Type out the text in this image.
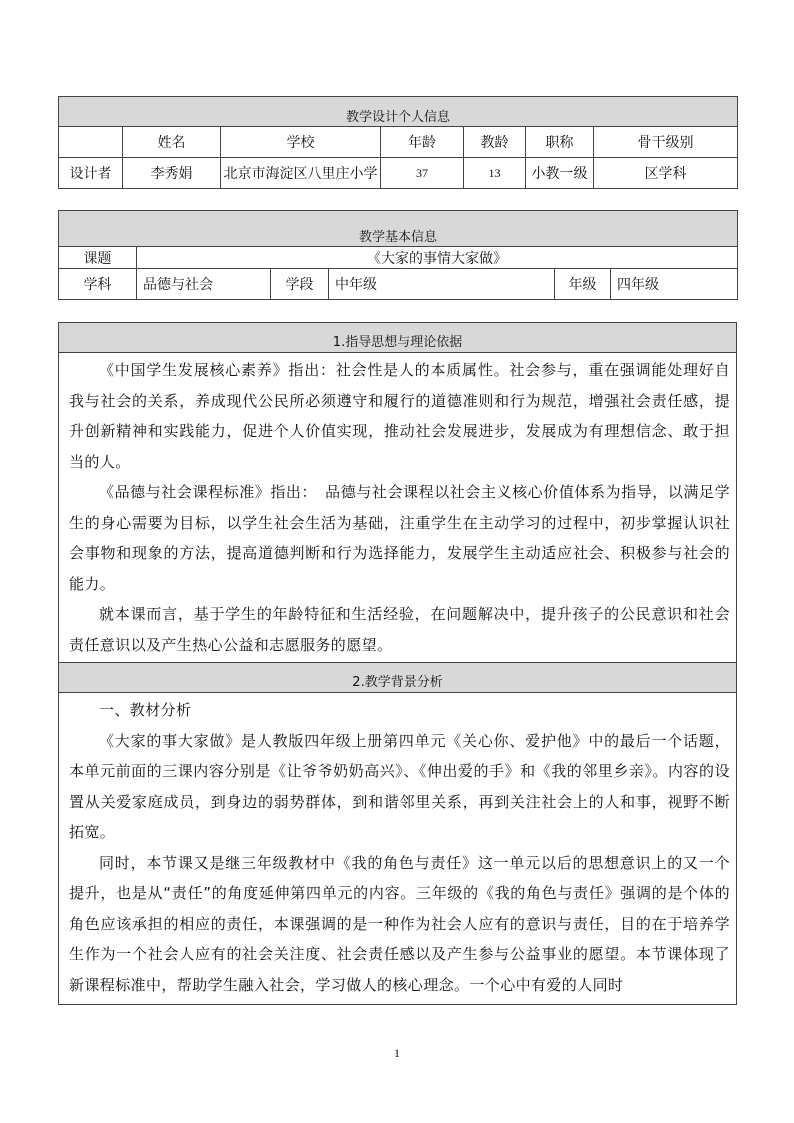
教学设计个人信息						
	姓名	学校	年龄	教龄	职称	骨干级别
设计者	李秀娟	北京市海淀区八里庄小学	37	13	小教一级	区学科
教学基本信息					
课题	《大家的事情大家做》				
学科	品德与社会	学段	中年级	年级	四年级
1.指导思想与理论依据

《中国学生发展核心素养》指出：社会性是人的本质属性。社会参与，重在强调能处理好自我与社会的关系，养成现代公民所必须遵守和履行的道德准则和行为规范，增强社会责任感，提升创新精神和实践能力，促进个人价值实现，推动社会发展进步，发展成为有理想信念、敢于担当的人。

《品德与社会课程标准》指出：　品德与社会课程以社会主义核心价值体系为指导，以满足学生的身心需要为目标，以学生社会生活为基础，注重学生在主动学习的过程中，初步掌握认识社会事物和现象的方法，提高道德判断和行为选择能力，发展学生主动适应社会、积极参与社会的能力。

就本课而言，基于学生的年龄特征和生活经验，在问题解决中，提升孩子的公民意识和社会责任意识以及产生热心公益和志愿服务的愿望。

2.教学背景分析

一、教材分析

《大家的事大家做》是人教版四年级上册第四单元《关心你、爱护他》中的最后一个话题，本单元前面的三课内容分别是《让爷爷奶奶高兴》、《伸出爱的手》和《我的邻里乡亲》。内容的设置从关爱家庭成员，到身边的弱势群体，到和谐邻里关系，再到关注社会上的人和事，视野不断拓宽。

同时，本节课又是继三年级教材中《我的角色与责任》这一单元以后的思想意识上的又一个提升，也是从“责任”的角度延伸第四单元的内容。三年级的《我的角色与责任》强调的是个体的角色应该承担的相应的责任，本课强调的是一种作为社会人应有的意识与责任，目的在于培养学生作为一个社会人应有的社会关注度、社会责任感以及产生参与公益事业的愿望。本节课体现了新课程标准中，帮助学生融入社会，学习做人的核心理念。一个心中有爱的人同时

1
